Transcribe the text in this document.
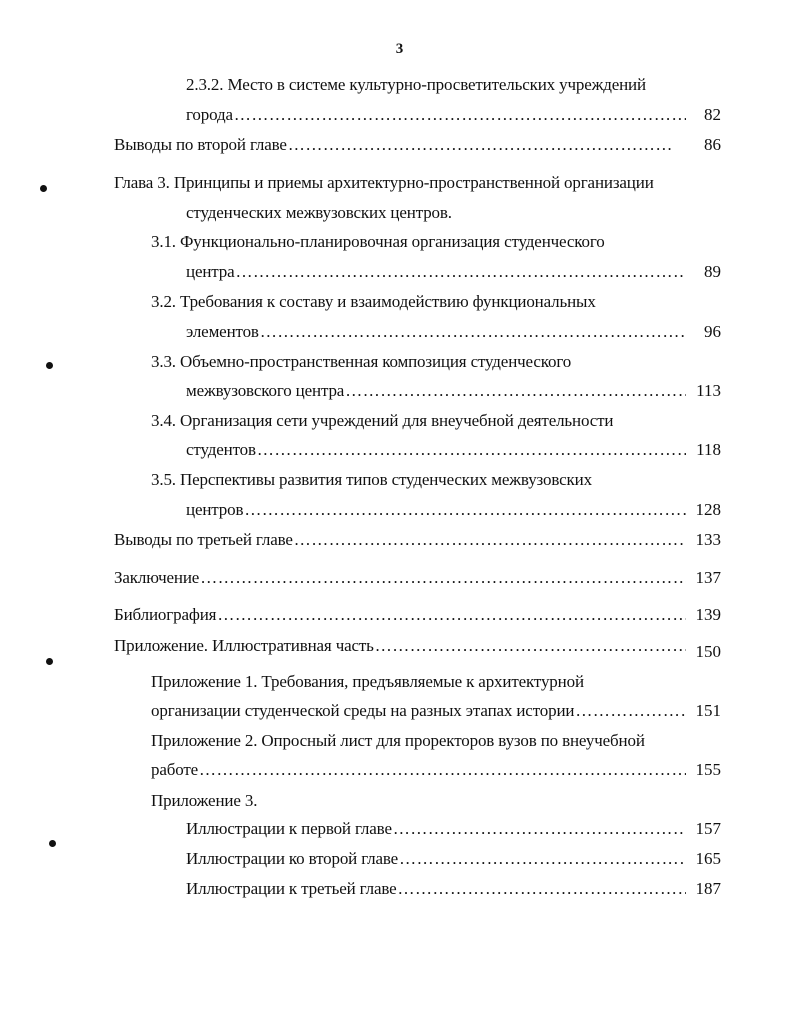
3
2.3.2. Место в системе культурно-просветительских учреждений
города ……………………………………………………………………………………………………………………………………………………………………	82
Выводы по второй главе ……………………………………………………………………………………………………………………………………………………………………	86
Глава 3. Принципы и приемы архитектурно-пространственной организации
студенческих межвузовских центров.
3.1. Функционально-планировочная организация студенческого
центра ……………………………………………………………………………………………………………………………………………………………………	89
3.2. Требования к составу и взаимодействию функциональных
элементов ……………………………………………………………………………………………………………………………………………………………………	96
3.3. Объемно-пространственная композиция студенческого
межвузовского центра ……………………………………………………………………………………………………………………………………………………………………	113
3.4. Организация сети учреждений для внеучебной деятельности
студентов ……………………………………………………………………………………………………………………………………………………………………	118
3.5. Перспективы развития типов студенческих межвузовских
центров ……………………………………………………………………………………………………………………………………………………………………	128
Выводы по третьей главе ……………………………………………………………………………………………………………………………………………………………………	133
Заключение ……………………………………………………………………………………………………………………………………………………………………	137
Библиография ……………………………………………………………………………………………………………………………………………………………………	139
Приложение. Иллюстративная часть ……………………………………………………………………………………………………………………………………………………………………	150
Приложение 1. Требования, предъявляемые к архитектурной
организации студенческой среды на разных этапах истории ……………………………………………………………………………………………………………………………………………………………………	151
Приложение 2. Опросный лист для проректоров вузов по внеучебной
работе ……………………………………………………………………………………………………………………………………………………………………	155
Приложение 3.
Иллюстрации к первой главе ……………………………………………………………………………………………………………………………………………………………………	157
Иллюстрации ко второй главе ……………………………………………………………………………………………………………………………………………………………………	165
Иллюстрации к третьей главе ……………………………………………………………………………………………………………………………………………………………………	187
